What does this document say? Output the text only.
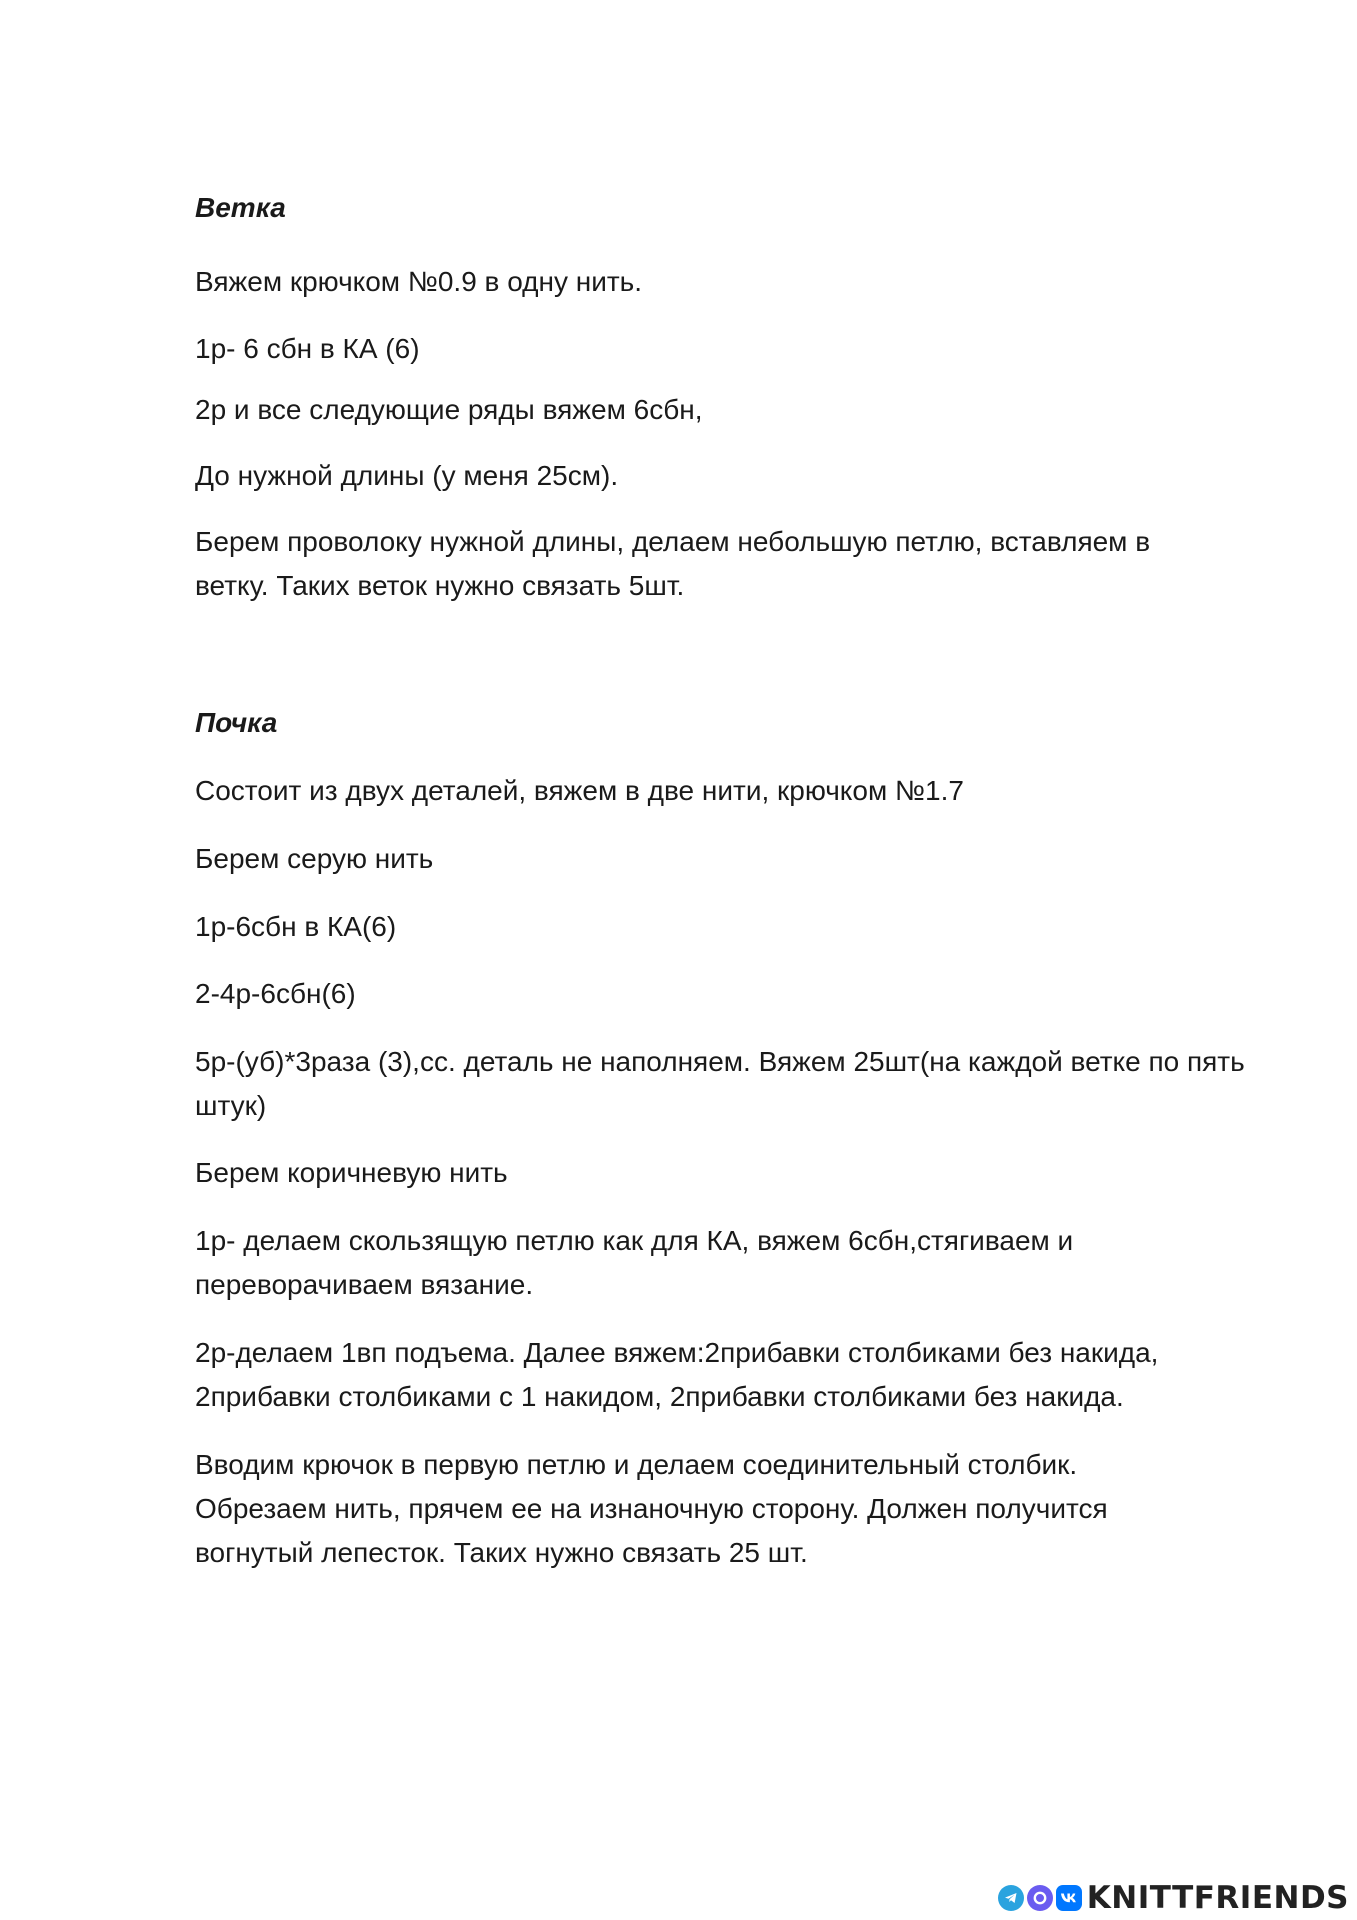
Ветка

Вяжем крючком №0.9 в одну нить.

1р- 6 сбн в КА (6)

2р и все следующие ряды вяжем 6сбн,

До нужной длины (у меня 25см).

Берем проволоку нужной длины, делаем небольшую петлю, вставляем в ветку. Таких веток нужно связать 5шт.

Почка

Состоит из двух деталей, вяжем в две нити, крючком №1.7

Берем серую нить

1р-6сбн в КА(6)

2-4р-6сбн(6)

5р-(уб)*3раза (3),сс. деталь не наполняем. Вяжем 25шт(на каждой ветке по пять штук)

Берем коричневую нить

1р- делаем скользящую петлю как для КА, вяжем 6сбн,стягиваем и переворачиваем вязание.

2р-делаем 1вп подъема. Далее вяжем:2прибавки столбиками без накида, 2прибавки столбиками с 1 накидом, 2прибавки столбиками без накида.

Вводим крючок в первую петлю и делаем соединительный столбик. Обрезаем нить, прячем ее на изнаночную сторону. Должен получится вогнутый лепесток. Таких нужно связать 25 шт.

KNITTFRIENDS
